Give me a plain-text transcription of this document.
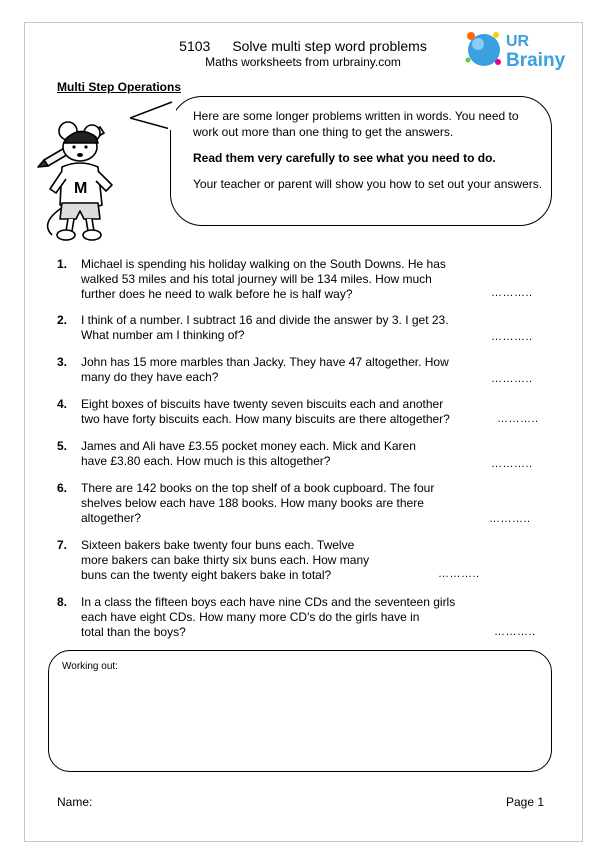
5103 Solve multi step word problems
Maths worksheets from urbrainy.com
UR
Brainy
Multi Step Operations

Here are some longer problems written in words. You need to work out more than one thing to get the answers.

Read them very carefully to see what you need to do.

Your teacher or parent will show you how to set out your answers.

M
1. Michael is spending his holiday walking on the South Downs. He has
walked 53 miles and his total journey will be 134 miles. How much
further does he need to walk before he is half way?	………..
2. I think of a number. I subtract 16 and divide the answer by 3. I get 23.
What number am I thinking of?	………..
3. John has 15 more marbles than Jacky. They have 47 altogether. How
many do they have each?	………..
4. Eight boxes of biscuits have twenty seven biscuits each and another
two have forty biscuits each. How many biscuits are there altogether?	………..
5. James and Ali have £3.55 pocket money each. Mick and Karen
have £3.80 each. How much is this altogether?	………..
6. There are 142 books on the top shelf of a book cupboard. The four
shelves below each have 188 books. How many books are there
altogether?	………..
7. Sixteen bakers bake twenty four buns each. Twelve
more bakers can bake thirty six buns each. How many
buns can the twenty eight bakers bake in total?	………..
8. In a class the fifteen boys each have nine CDs and the seventeen girls
each have eight CDs. How many more CD's do the girls have in
total than the boys?	………..
Working out:
Name:	Page 1
